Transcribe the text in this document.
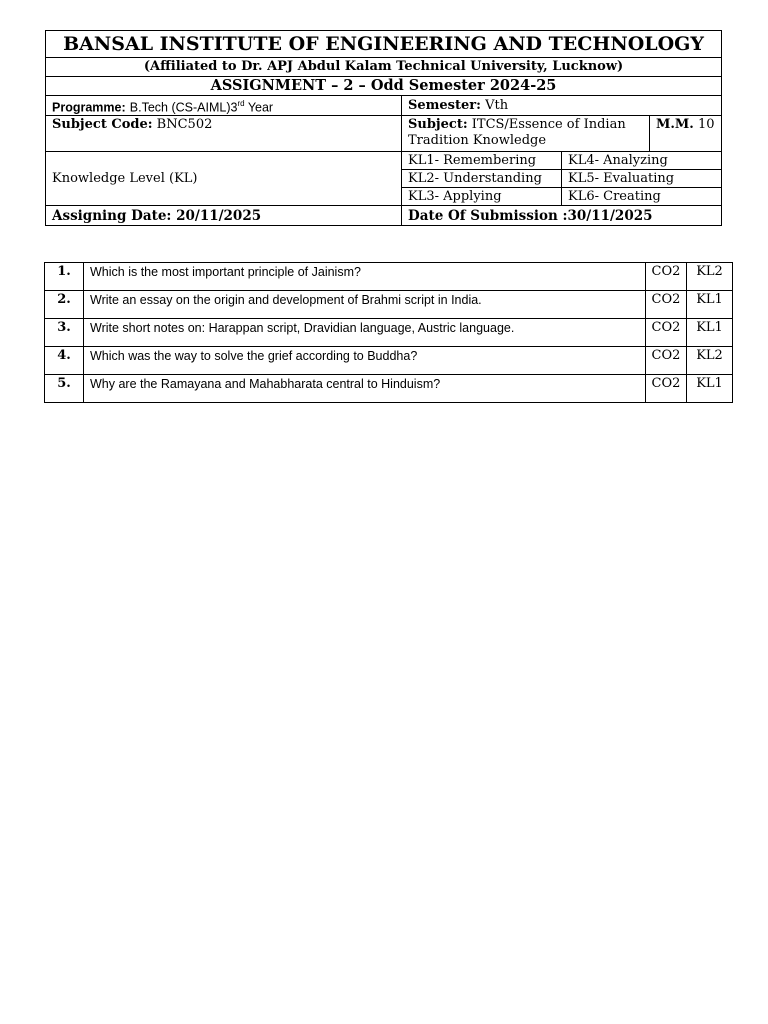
BANSAL INSTITUTE OF ENGINEERING AND TECHNOLOGY			
(Affiliated to Dr. APJ Abdul Kalam Technical University, Lucknow)			
ASSIGNMENT – 2 – Odd Semester 2024-25			
Programme: B.Tech (CS-AIML)3rd Year	Semester: Vth		
Subject Code: BNC502	Subject: ITCS/Essence of Indian Tradition Knowledge		M.M. 10
Knowledge Level (KL)	KL1- Remembering	KL4- Analyzing	
	KL2- Understanding	KL5- Evaluating	
	KL3- Applying	KL6- Creating	
Assigning Date: 20/11/2025	Date Of Submission :30/11/2025		
1.	Which is the most important principle of Jainism?	CO2	KL2
2.	Write an essay on the origin and development of Brahmi script in India.	CO2	KL1
3.	Write short notes on: Harappan script, Dravidian language, Austric language.	CO2	KL1
4.	Which was the way to solve the grief according to Buddha?	CO2	KL2
5.	Why are the Ramayana and Mahabharata central to Hinduism?	CO2	KL1
